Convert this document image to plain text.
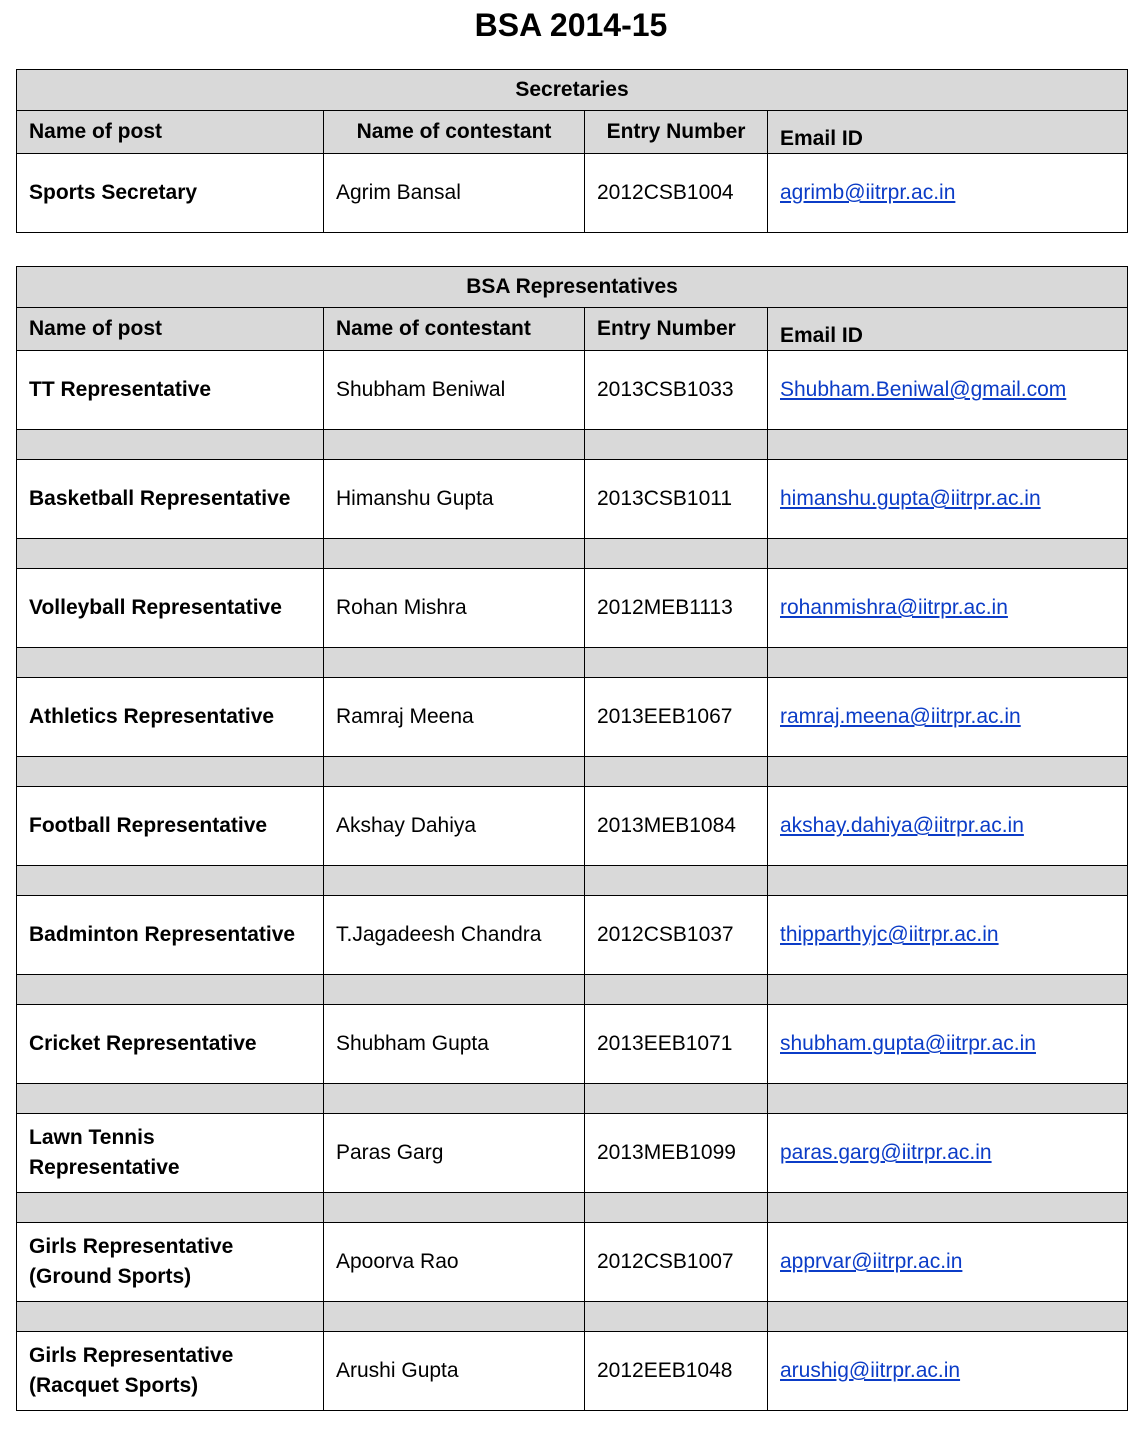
BSA 2014-15
Secretaries			
Name of post	Name of contestant	Entry Number	Email ID
Sports Secretary	Agrim Bansal	2012CSB1004	agrimb@iitrpr.ac.in
BSA Representatives			
Name of post	Name of contestant	Entry Number	Email ID
TT Representative	Shubham Beniwal	2013CSB1033	Shubham.Beniwal@gmail.com

Basketball Representative	Himanshu Gupta	2013CSB1011	himanshu.gupta@iitrpr.ac.in

Volleyball Representative	Rohan Mishra	2012MEB1113	rohanmishra@iitrpr.ac.in

Athletics Representative	Ramraj Meena	2013EEB1067	ramraj.meena@iitrpr.ac.in

Football Representative	Akshay Dahiya	2013MEB1084	akshay.dahiya@iitrpr.ac.in

Badminton Representative	T.Jagadeesh Chandra	2012CSB1037	thipparthyjc@iitrpr.ac.in

Cricket Representative	Shubham Gupta	2013EEB1071	shubham.gupta@iitrpr.ac.in

Lawn Tennis Representative	Paras Garg	2013MEB1099	paras.garg@iitrpr.ac.in

Girls Representative (Ground Sports)	Apoorva Rao	2012CSB1007	apprvar@iitrpr.ac.in

Girls Representative (Racquet Sports)	Arushi Gupta	2012EEB1048	arushig@iitrpr.ac.in
